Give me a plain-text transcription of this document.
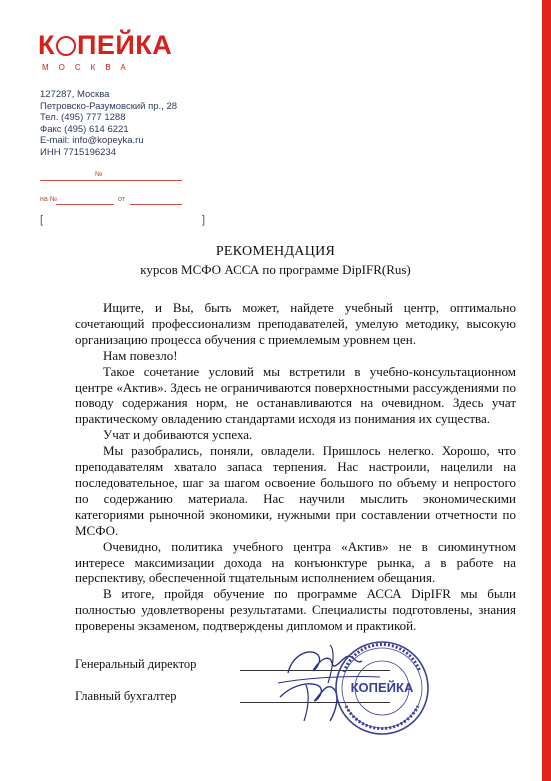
К ПЕЙКА
МОСКВА
127287, Москва
Петровско-Разумовский пр., 28
Тел. (495) 777 1288
Факс (495) 614 6221
E-mail: info@kopeyka.ru
ИНН 7715196234
№
на №	от
[	]
РЕКОМЕНДАЦИЯ
курсов МСФО АССА по программе DipIFR(Rus)

Ищите, и Вы, быть может, найдете учебный центр, оптимально сочетающий профессионализм преподавателей, умелую методику, высокую организацию процесса обучения с приемлемым уровнем цен.

Нам повезло!

Такое сочетание условий мы встретили в учебно-консультационном центре «Актив». Здесь не ограничиваются поверхностными рассуждениями по поводу содержания норм, не останавливаются на очевидном. Здесь учат практическому овладению стандартами исходя из понимания их существа.

Учат и добиваются успеха.

Мы разобрались, поняли, овладели. Пришлось нелегко. Хорошо, что преподавателям хватало запаса терпения. Нас настроили, нацелили на последовательное, шаг за шагом освоение большого по объему и непростого по содержанию материала. Нас научили мыслить экономическими категориями рыночной экономики, нужными при составлении отчетности по МСФО.

Очевидно, политика учебного центра «Актив» не в сиюминутном интересе максимизации дохода на конъюнктуре рынка, а в работе на перспективу, обеспеченной тщательным исполнением обещания.

В итоге, пройдя обучение по программе АССА DipIFR мы были полностью удовлетворены результатами. Специалисты подготовлены, знания проверены экзаменом, подтверждены дипломом и практикой.

Генеральный директор
Главный бухгалтер
КОПЕЙКА
